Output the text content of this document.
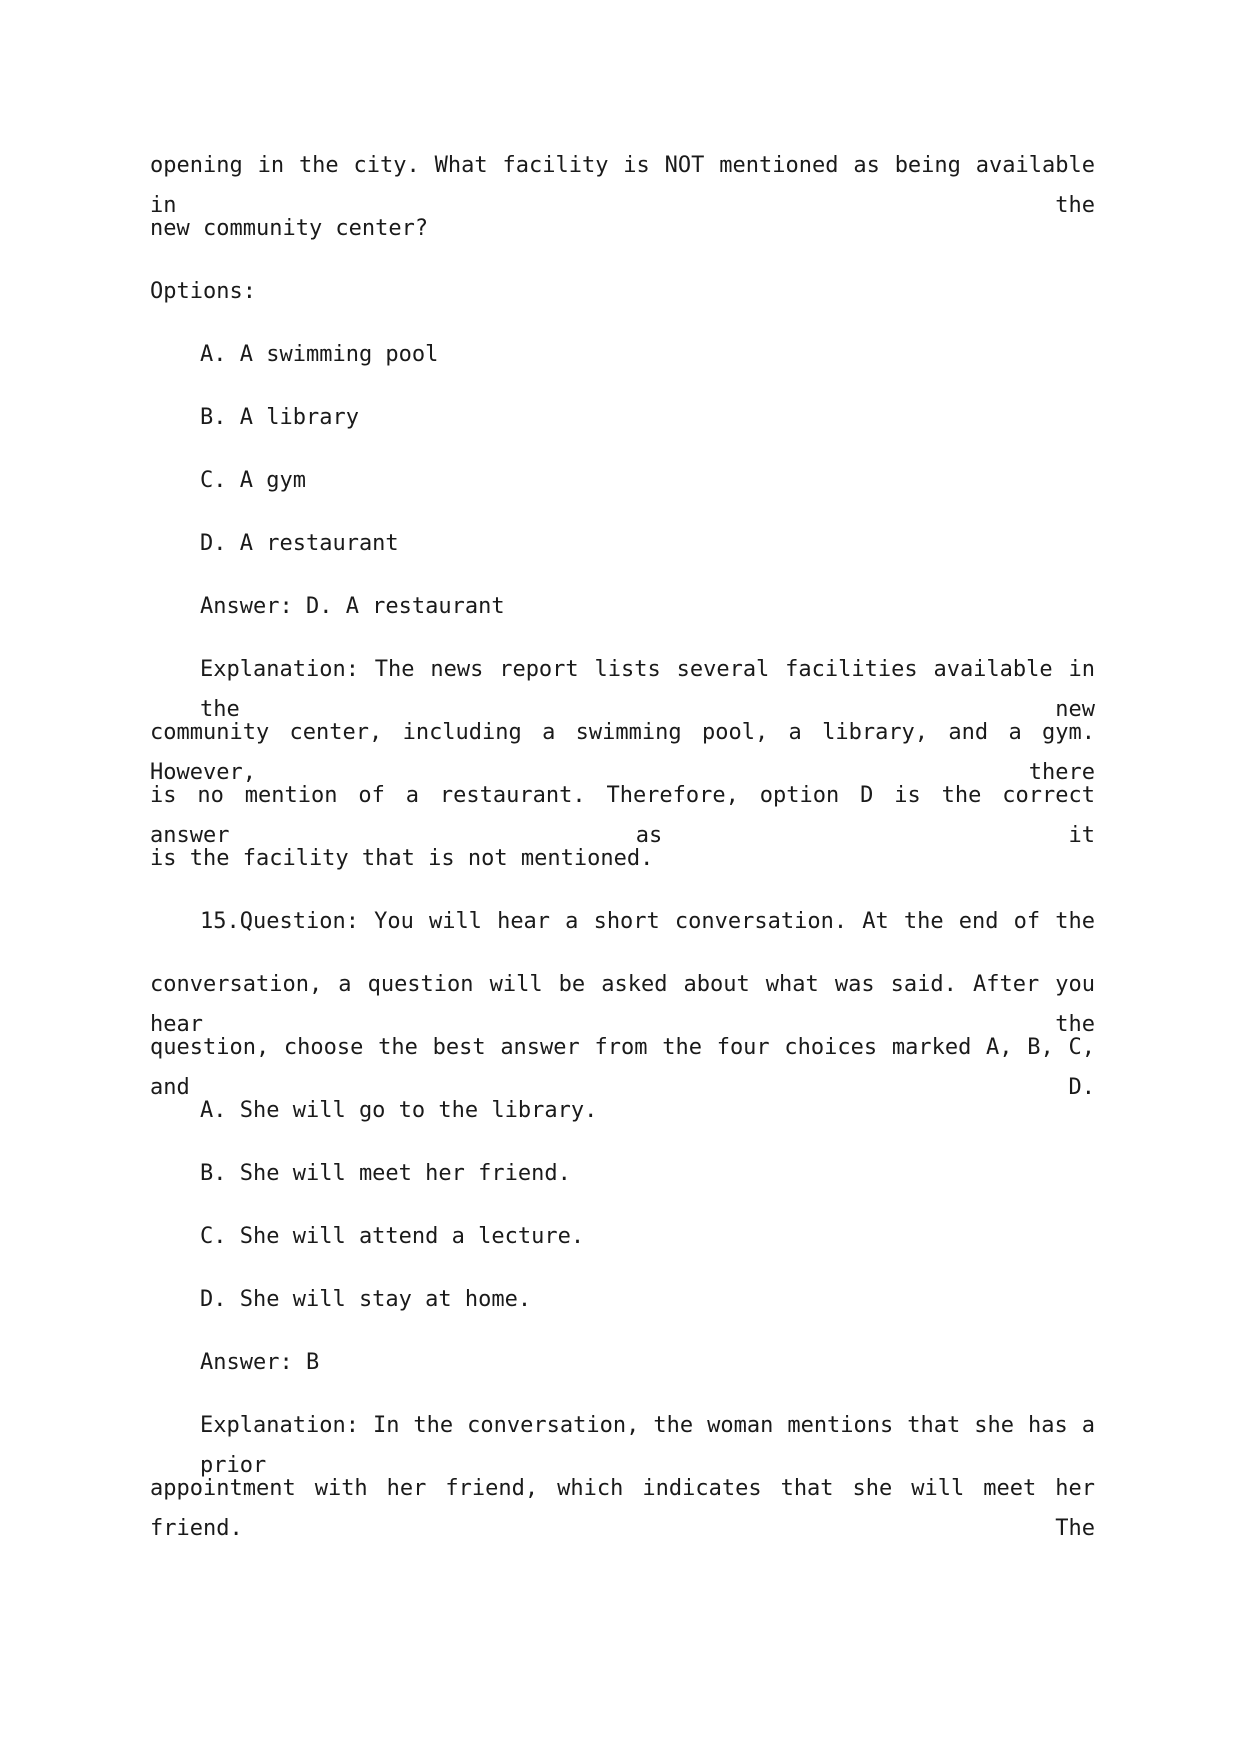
opening in the city. What facility is NOT mentioned as being available in the
new community center?
Options:
A. A swimming pool
B. A library
C. A gym
D. A restaurant
Answer: D. A restaurant
Explanation: The news report lists several facilities available in the new
community center, including a swimming pool, a library, and a gym. However, there
is no mention of a restaurant. Therefore, option D is the correct answer as it
is the facility that is not mentioned.
15.Question: You will hear a short conversation. At the end of the
conversation, a question will be asked about what was said. After you hear the
question, choose the best answer from the four choices marked A, B, C, and D.
A. She will go to the library.
B. She will meet her friend.
C. She will attend a lecture.
D. She will stay at home.
Answer: B
Explanation: In the conversation, the woman mentions that she has a prior
appointment with her friend, which indicates that she will meet her friend. The
